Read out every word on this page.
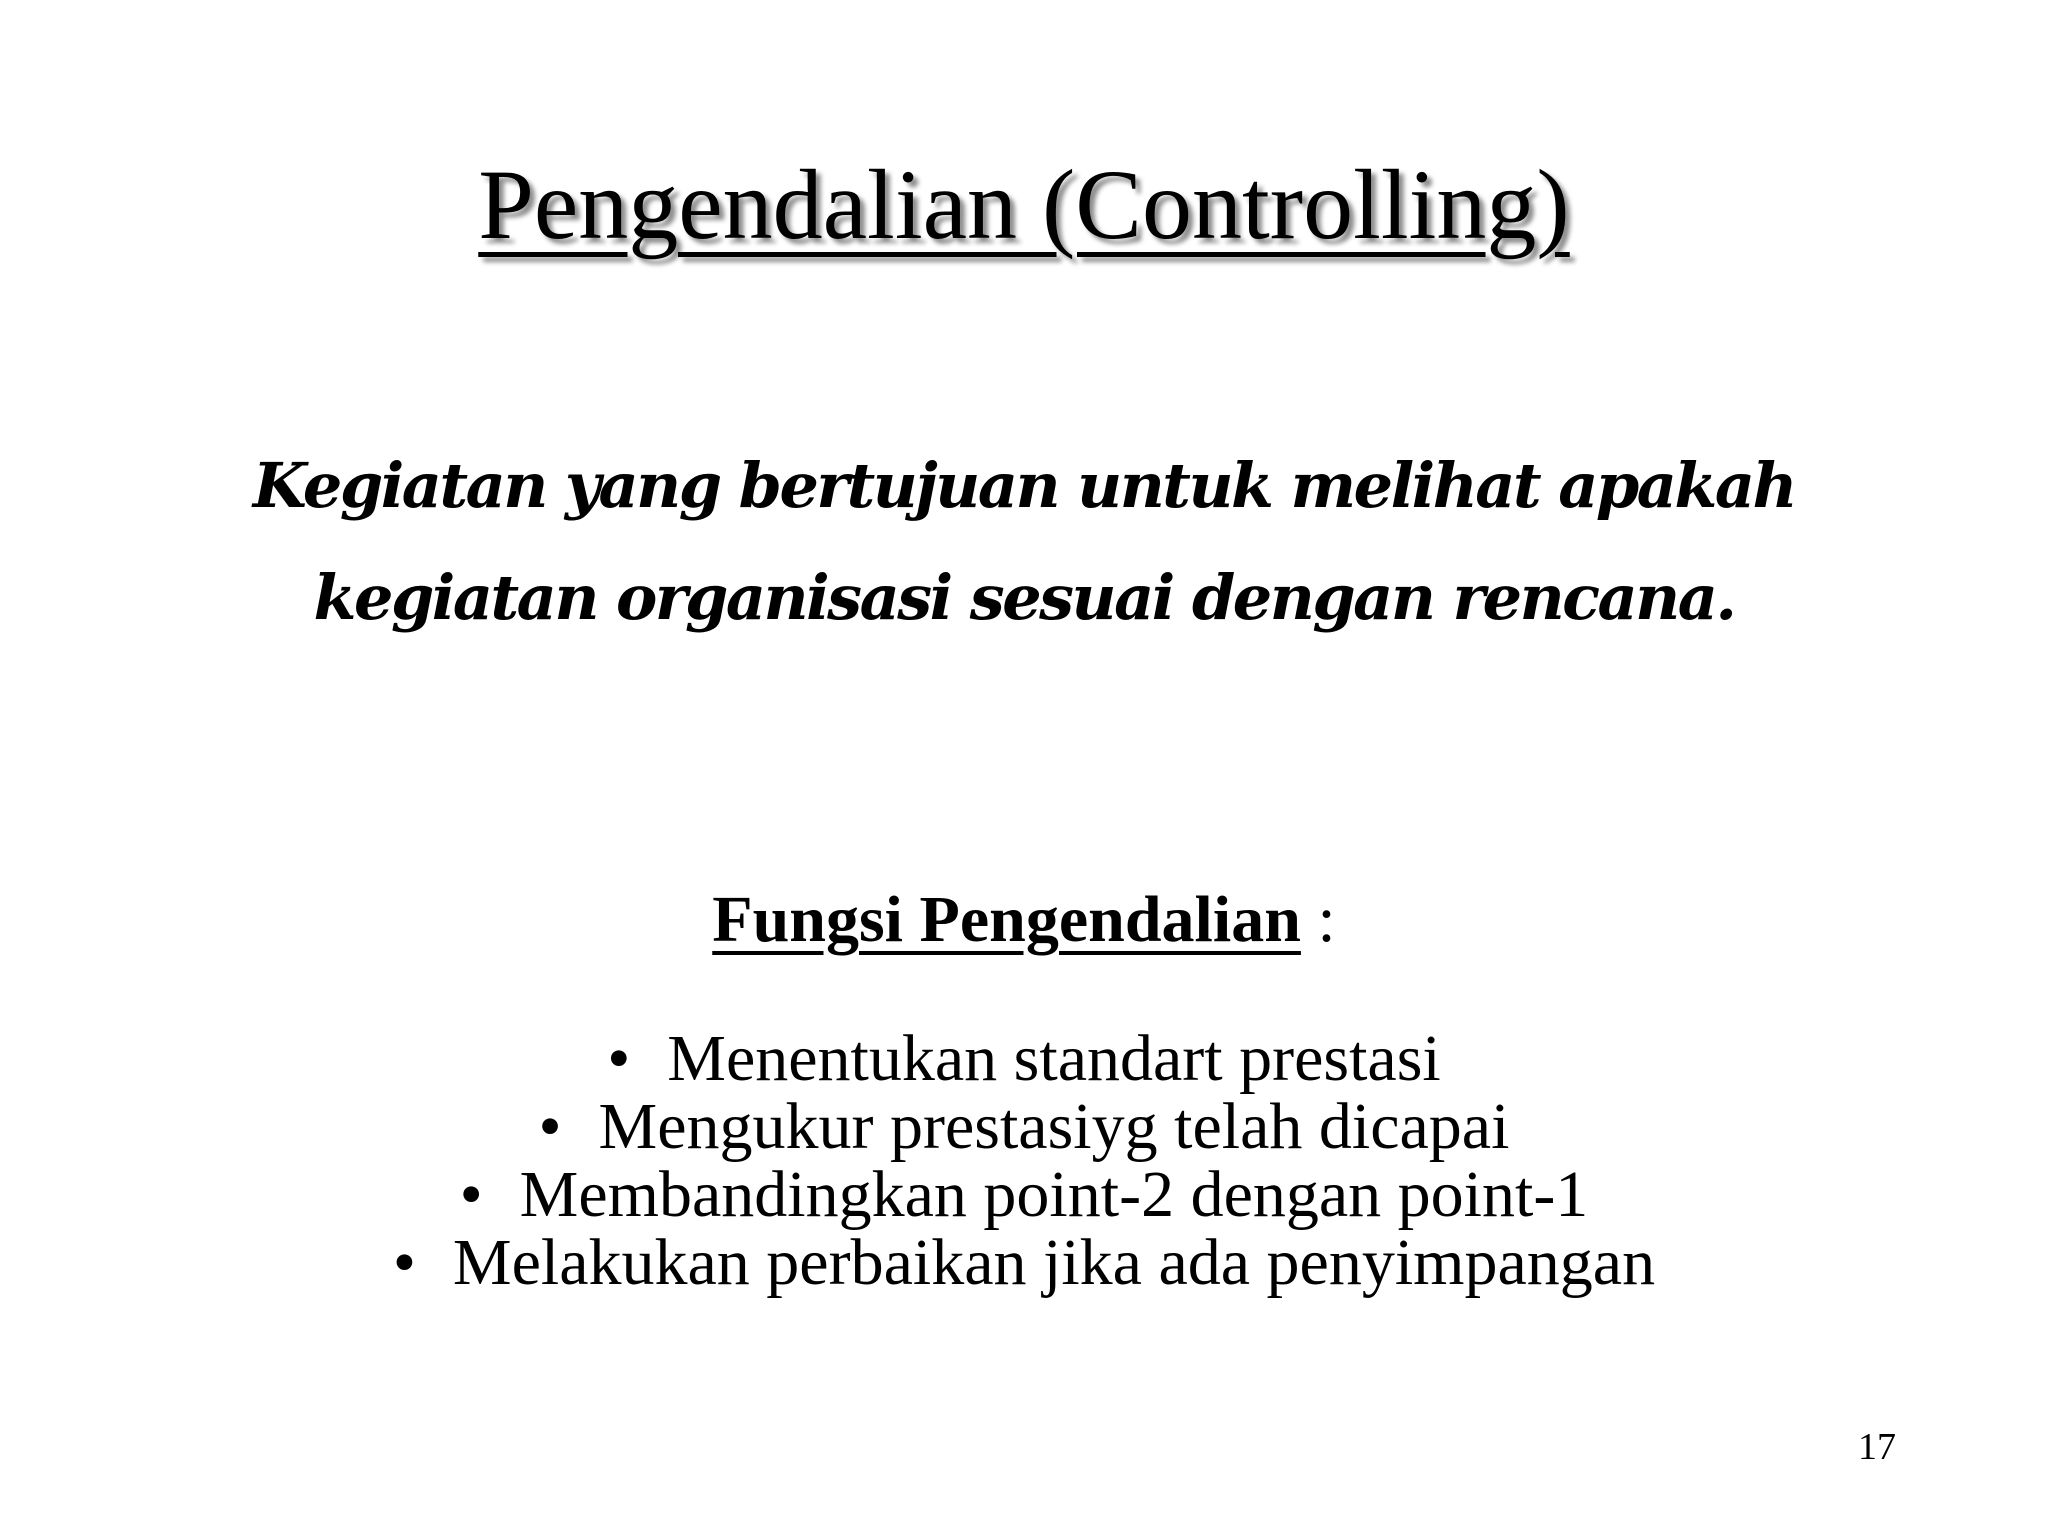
Pengendalian (Controlling)

Kegiatan yang bertujuan untuk melihat apakah kegiatan organisasi sesuai dengan rencana.

Fungsi Pengendalian :

• Menentukan standart prestasi
• Mengukur prestasiyg telah dicapai
• Membandingkan point-2 dengan point-1
• Melakukan perbaikan jika ada penyimpangan
17
